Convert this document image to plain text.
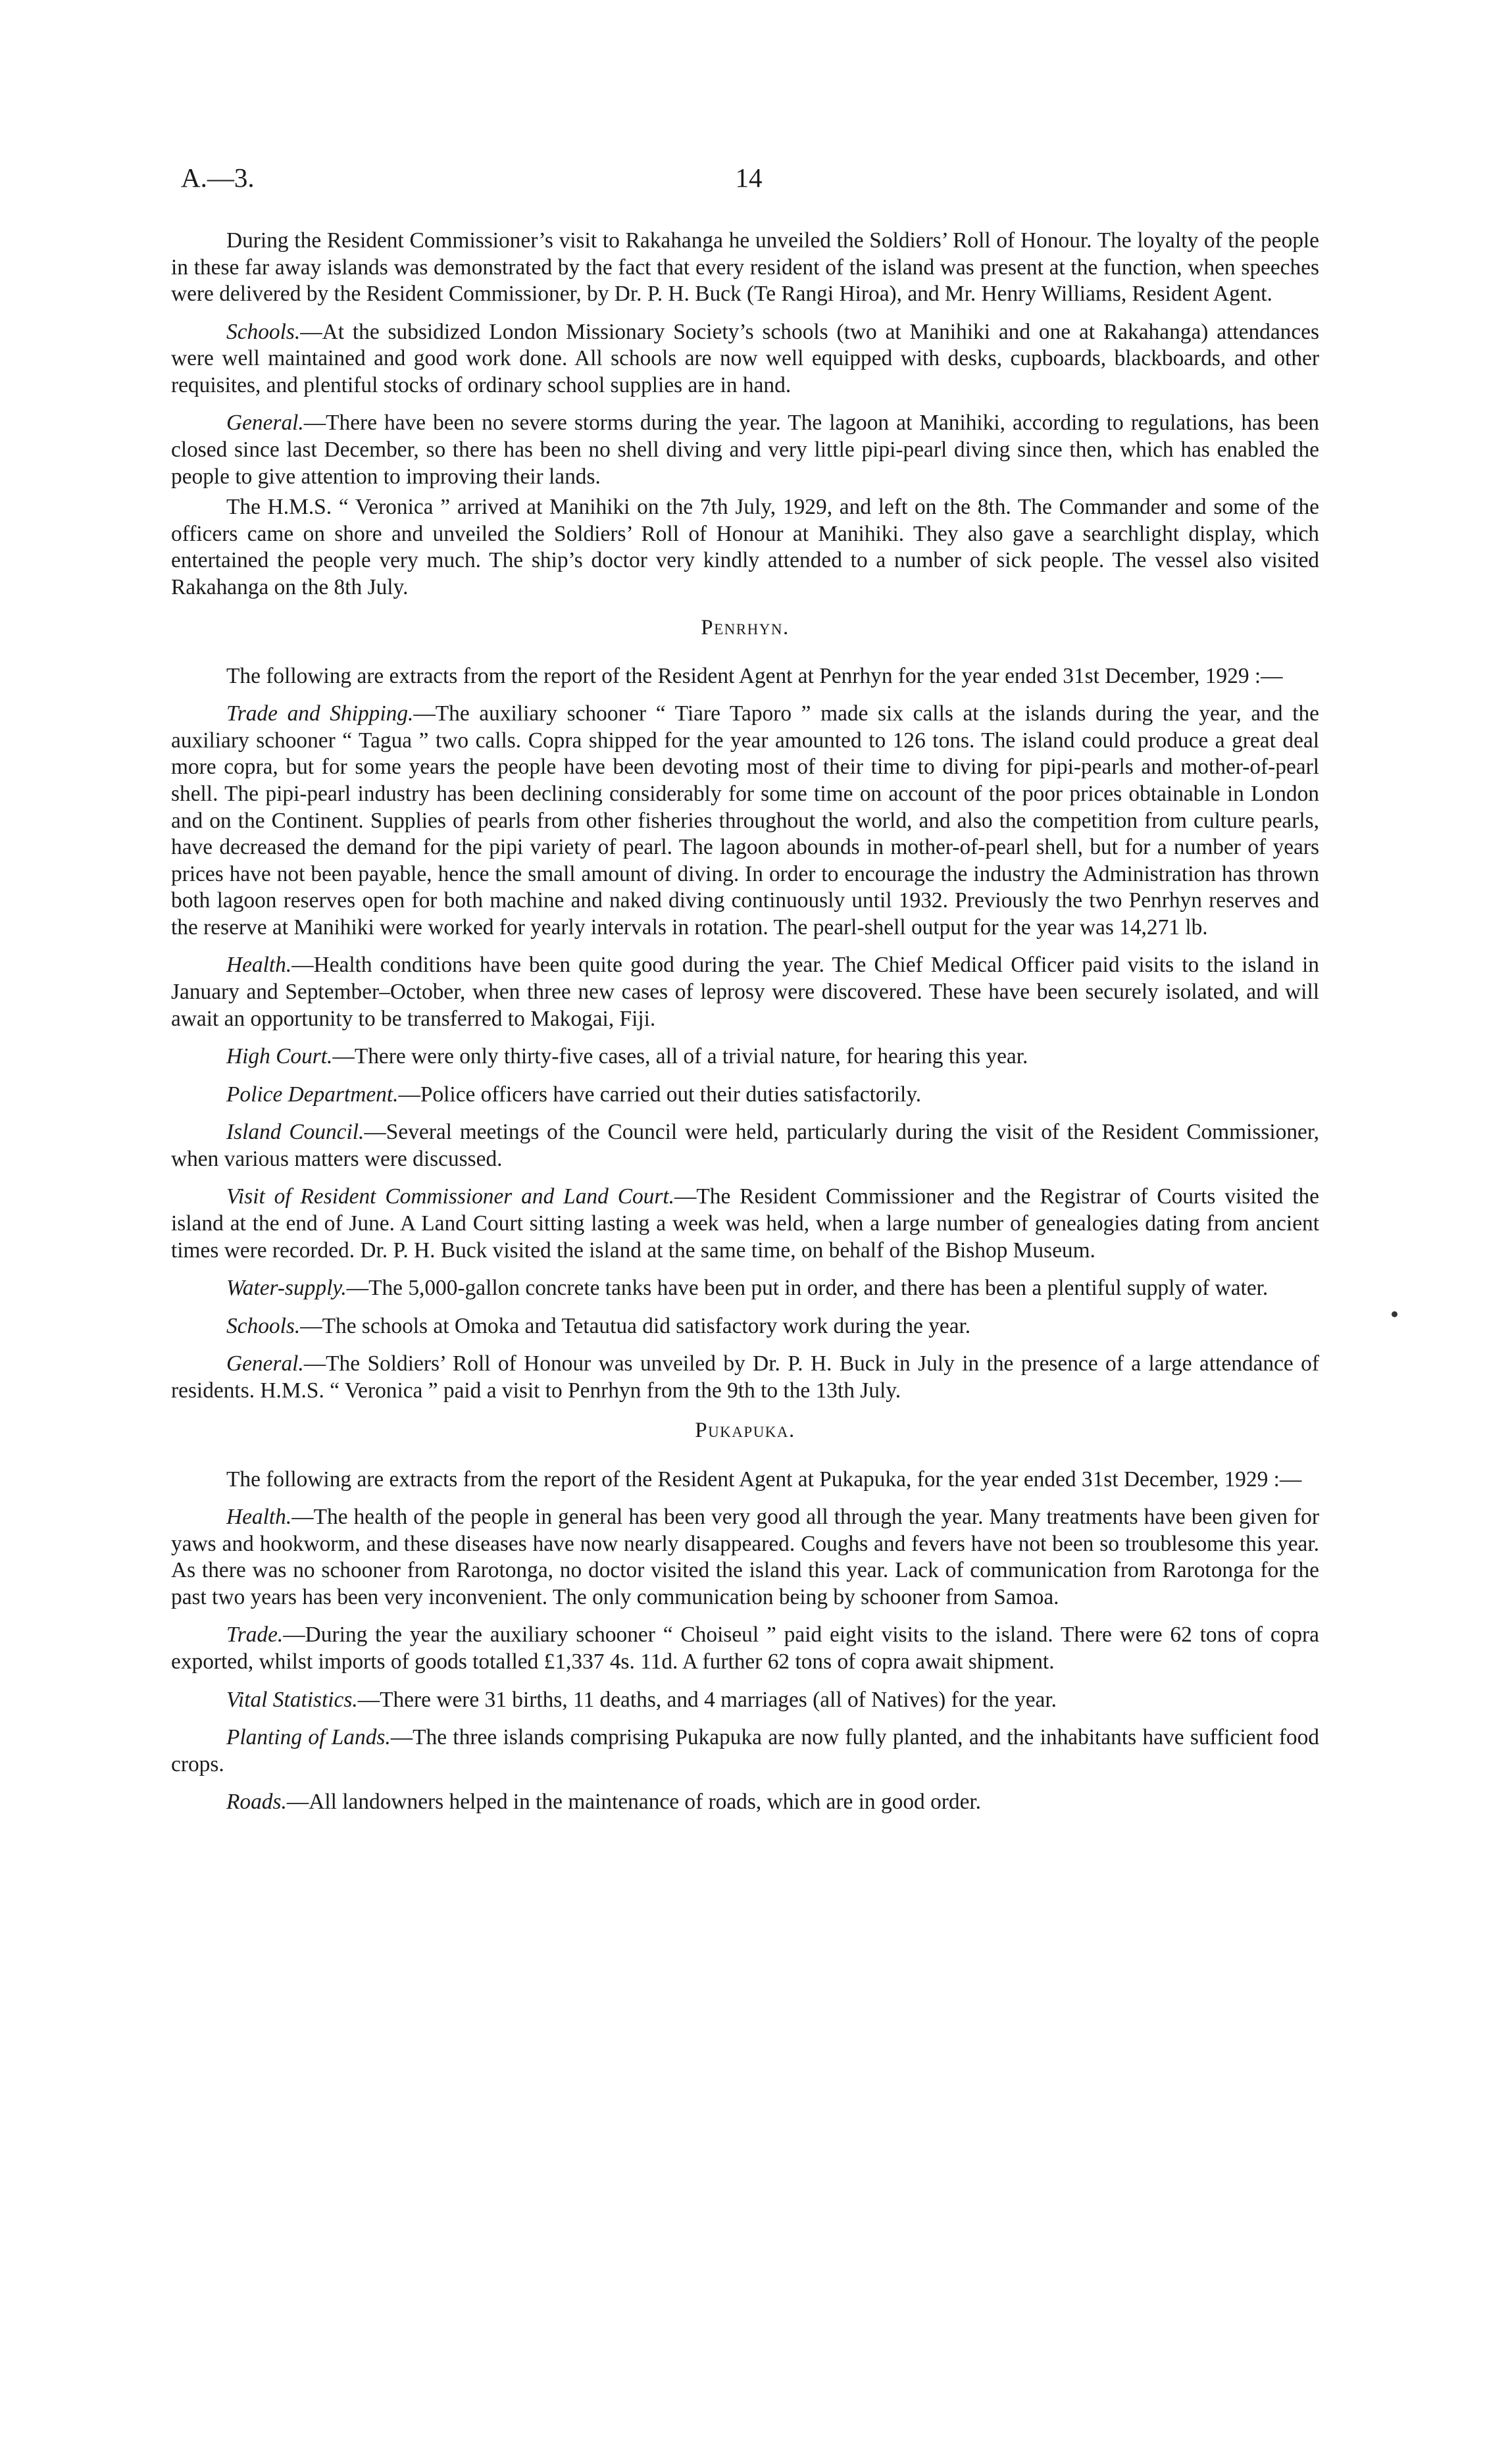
A.—3.	14

During the Resident Commissioner’s visit to Rakahanga he unveiled the Soldiers’ Roll of Honour. The loyalty of the people in these far away islands was demonstrated by the fact that every resident of the island was present at the function, when speeches were delivered by the Resident Commissioner, by Dr. P. H. Buck (Te Rangi Hiroa), and Mr. Henry Williams, Resident Agent.

Schools.—At the subsidized London Missionary Society’s schools (two at Manihiki and one at Rakahanga) attendances were well maintained and good work done. All schools are now well equipped with desks, cupboards, blackboards, and other requisites, and plentiful stocks of ordinary school supplies are in hand.

General.—There have been no severe storms during the year. The lagoon at Manihiki, according to regulations, has been closed since last December, so there has been no shell diving and very little pipi-pearl diving since then, which has enabled the people to give attention to improving their lands.

The H.M.S. “ Veronica ” arrived at Manihiki on the 7th July, 1929, and left on the 8th. The Commander and some of the officers came on shore and unveiled the Soldiers’ Roll of Honour at Manihiki. They also gave a searchlight display, which entertained the people very much. The ship’s doctor very kindly attended to a number of sick people. The vessel also visited Rakahanga on the 8th July.

Penrhyn.

The following are extracts from the report of the Resident Agent at Penrhyn for the year ended 31st December, 1929 :—

Trade and Shipping.—The auxiliary schooner “ Tiare Taporo ” made six calls at the islands during the year, and the auxiliary schooner “ Tagua ” two calls. Copra shipped for the year amounted to 126 tons. The island could produce a great deal more copra, but for some years the people have been devoting most of their time to diving for pipi-pearls and mother-of-pearl shell. The pipi-pearl industry has been declining considerably for some time on account of the poor prices obtainable in London and on the Continent. Supplies of pearls from other fisheries throughout the world, and also the competition from culture pearls, have decreased the demand for the pipi variety of pearl. The lagoon abounds in mother-of-pearl shell, but for a number of years prices have not been payable, hence the small amount of diving. In order to encourage the industry the Administration has thrown both lagoon reserves open for both machine and naked diving continuously until 1932. Previously the two Penrhyn reserves and the reserve at Manihiki were worked for yearly intervals in rotation. The pearl-shell output for the year was 14,271 lb.

Health.—Health conditions have been quite good during the year. The Chief Medical Officer paid visits to the island in January and September–October, when three new cases of leprosy were discovered. These have been securely isolated, and will await an opportunity to be transferred to Makogai, Fiji.

High Court.—There were only thirty-five cases, all of a trivial nature, for hearing this year.

Police Department.—Police officers have carried out their duties satisfactorily.

Island Council.—Several meetings of the Council were held, particularly during the visit of the Resident Commissioner, when various matters were discussed.

Visit of Resident Commissioner and Land Court.—The Resident Commissioner and the Registrar of Courts visited the island at the end of June. A Land Court sitting lasting a week was held, when a large number of genealogies dating from ancient times were recorded. Dr. P. H. Buck visited the island at the same time, on behalf of the Bishop Museum.

Water-supply.—The 5,000-gallon concrete tanks have been put in order, and there has been a plentiful supply of water.

Schools.—The schools at Omoka and Tetautua did satisfactory work during the year.

General.—The Soldiers’ Roll of Honour was unveiled by Dr. P. H. Buck in July in the presence of a large attendance of residents. H.M.S. “ Veronica ” paid a visit to Penrhyn from the 9th to the 13th July.

Pukapuka.

The following are extracts from the report of the Resident Agent at Pukapuka, for the year ended 31st December, 1929 :—

Health.—The health of the people in general has been very good all through the year. Many treatments have been given for yaws and hookworm, and these diseases have now nearly disappeared. Coughs and fevers have not been so troublesome this year. As there was no schooner from Rarotonga, no doctor visited the island this year. Lack of communication from Rarotonga for the past two years has been very inconvenient. The only communication being by schooner from Samoa.

Trade.—During the year the auxiliary schooner “ Choiseul ” paid eight visits to the island. There were 62 tons of copra exported, whilst imports of goods totalled £1,337 4s. 11d. A further 62 tons of copra await shipment.

Vital Statistics.—There were 31 births, 11 deaths, and 4 marriages (all of Natives) for the year.

Planting of Lands.—The three islands comprising Pukapuka are now fully planted, and the inhabitants have sufficient food crops.

Roads.—All landowners helped in the maintenance of roads, which are in good order.
